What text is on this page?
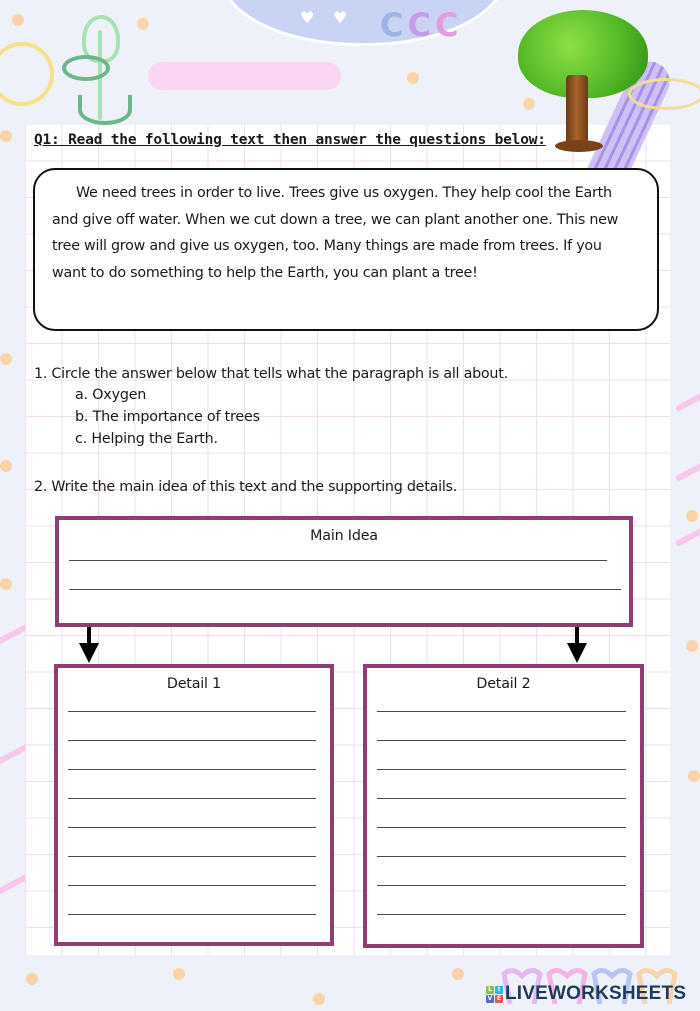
♥ ♥ CCC
Q1: Read the following text then answer the questions below:

We need trees in order to live. Trees give us oxygen. They help cool the Earth and give off water. When we cut down a tree, we can plant another one. This new tree will grow and give us oxygen, too. Many things are made from trees. If you want to do something to help the Earth, you can plant a tree!

1. Circle the answer below that tells what the paragraph is all about.
a. Oxygen
b. The importance of trees
c. Helping the Earth.
2. Write the main idea of this text and the supporting details.
Main Idea
Detail 1	Detail 2
L I
V E LIVEWORKSHEETS
